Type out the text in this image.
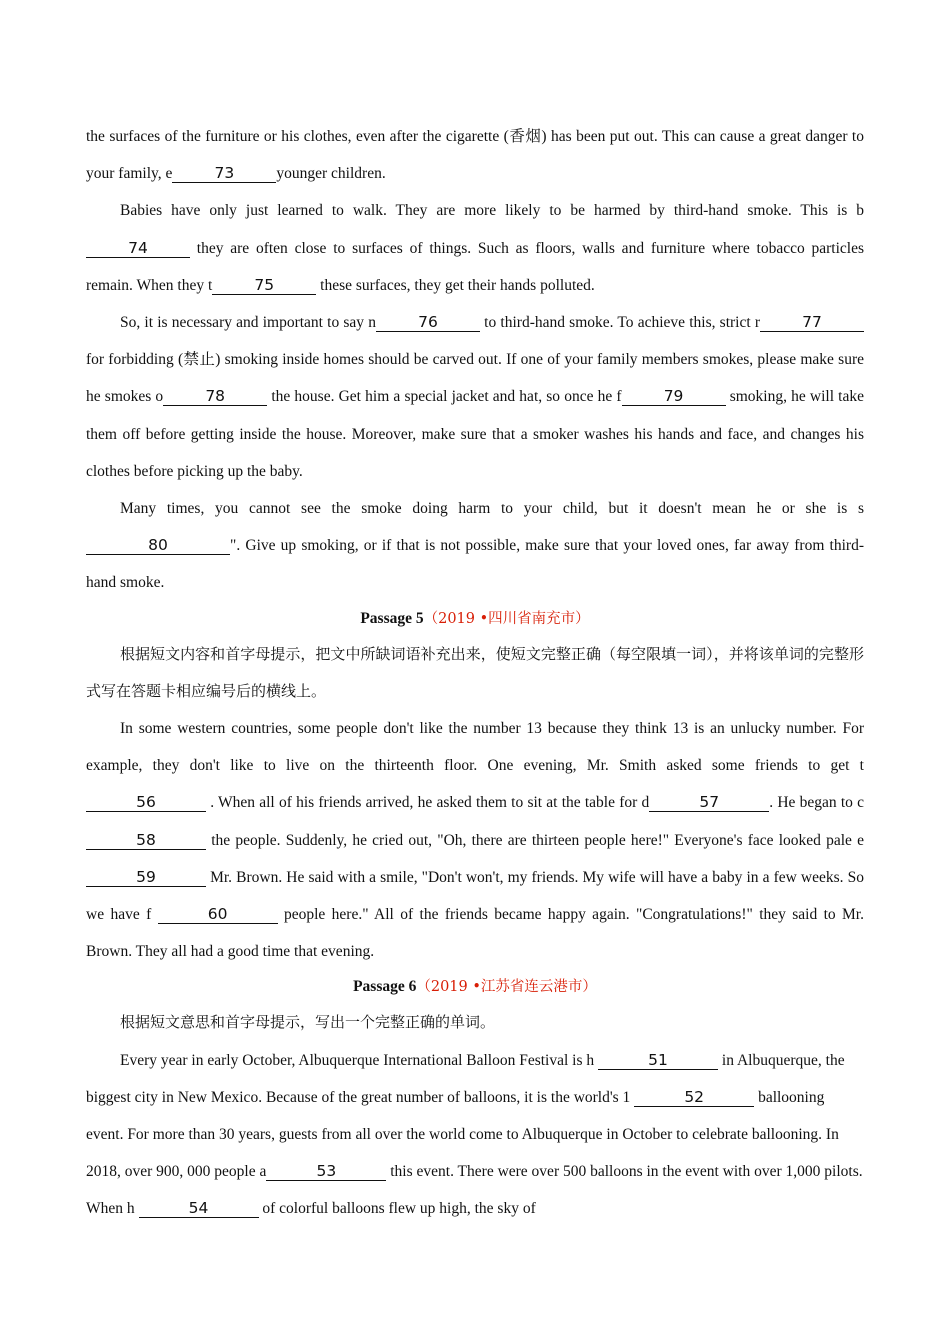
the surfaces of the furniture or his clothes, even after the cigarette (香烟) has been put out. This can cause a great danger to your family, e	73	younger children.

Babies have only just learned to walk. They are more likely to be harmed by third-hand smoke. This is b74	they are often close to surfaces of things. Such as floors, walls and furniture where tobacco particles remain. When they t	75	these surfaces, they get their hands polluted.

So, it is necessary and important to say n	76	to third-hand smoke. To achieve this, strict r	77 for forbidding (禁止) smoking inside homes should be carved out. If one of your family members smokes, please make sure he smokes o	78	the house. Get him a special jacket and hat, so once he f	79	smoking, he will take them off before getting inside the house. Moreover, make sure that a smoker washes his hands and face, and changes his clothes before picking up the baby.

Many times, you cannot see the smoke doing harm to your child, but it doesn't mean he or she is s80	". Give up smoking, or if that is not possible, make sure that your loved ones, far away from third-hand smoke.

Passage 5（2019 •四川省南充市）

根据短文内容和首字母提示，把文中所缺词语补充出来，使短文完整正确（每空限填一词），并将该单词的完整形式写在答题卡相应编号后的横线上。

In some western countries, some people don't like the number 13 because they think 13 is an unlucky number. For example, they don't like to live on the thirteenth floor. One evening, Mr. Smith asked some friends to get t 56	. When all of his friends arrived, he asked them to sit at the table for d	57	. He began to c58	the people. Suddenly, he cried out, "Oh, there are thirteen people here!" Everyone's face looked pale e 59	Mr. Brown. He said with a smile, "Don't won't, my friends. My wife will have a baby in a few weeks. So we have f	60	people here." All of the friends became happy again. "Congratulations!" they said to Mr. Brown. They all had a good time that evening.

Passage 6（2019 •江苏省连云港市）

根据短文意思和首字母提示，写出一个完整正确的单词。

Every year in early October, Albuquerque International Balloon Festival is h	51	in Albuquerque, the biggest city in New Mexico. Because of the great number of balloons, it is the world's 1	52	ballooning event. For more than 30 years, guests from all over the world come to Albuquerque in October to celebrate ballooning. In 2018, over 900, 000 people a	53	this event. There were over 500 balloons in the event with over 1,000 pilots. When h	54	of colorful balloons flew up high, the sky of
